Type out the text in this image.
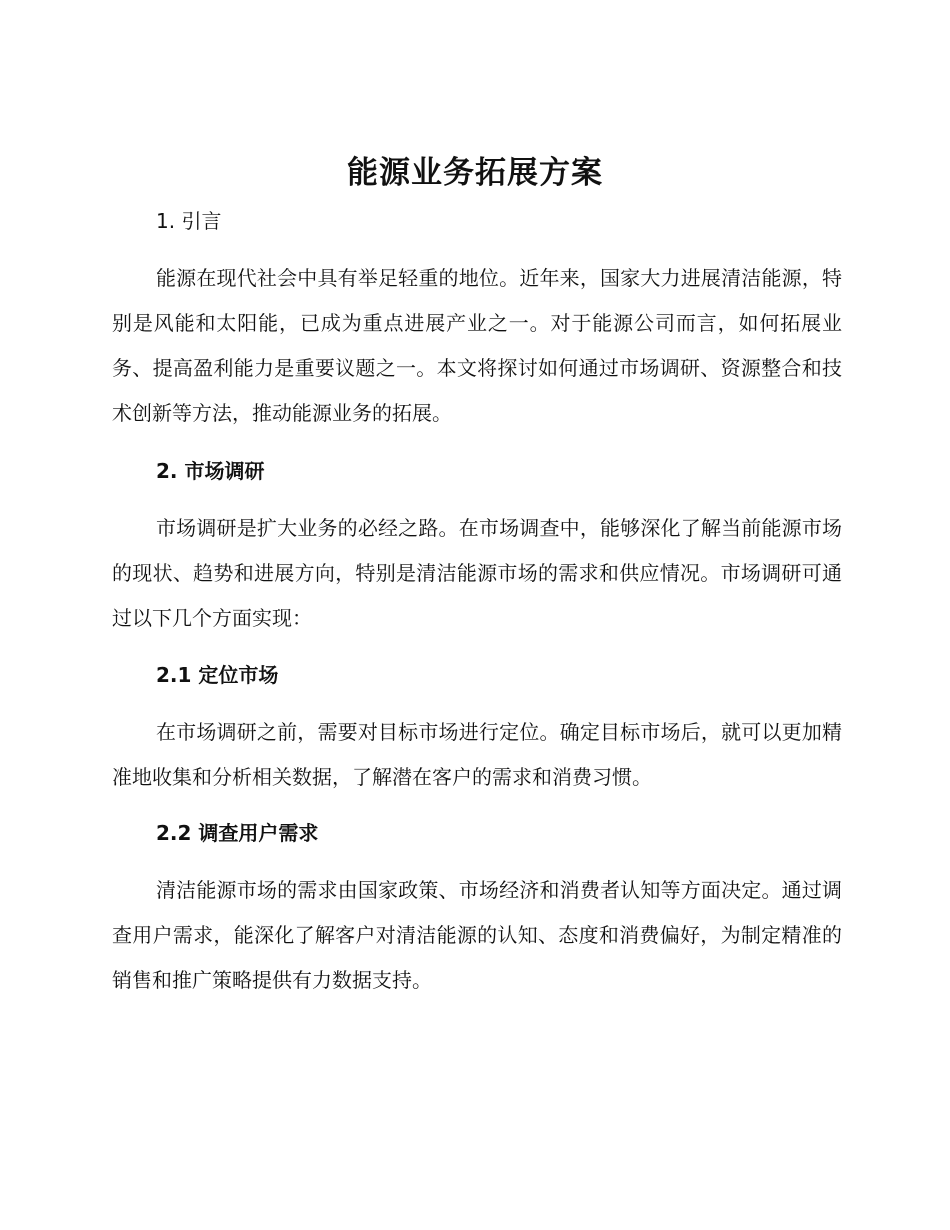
能源业务拓展方案
1. 引言

能源在现代社会中具有举足轻重的地位。近年来，国家大力进展清洁能源，特别是风能和太阳能，已成为重点进展产业之一。对于能源公司而言，如何拓展业务、提高盈利能力是重要议题之一。本文将探讨如何通过市场调研、资源整合和技术创新等方法，推动能源业务的拓展。

2. 市场调研

市场调研是扩大业务的必经之路。在市场调查中，能够深化了解当前能源市场的现状、趋势和进展方向，特别是清洁能源市场的需求和供应情况。市场调研可通过以下几个方面实现：

2.1 定位市场

在市场调研之前，需要对目标市场进行定位。确定目标市场后，就可以更加精准地收集和分析相关数据，了解潜在客户的需求和消费习惯。

2.2 调查用户需求

清洁能源市场的需求由国家政策、市场经济和消费者认知等方面决定。通过调查用户需求，能深化了解客户对清洁能源的认知、态度和消费偏好，为制定精准的销售和推广策略提供有力数据支持。
